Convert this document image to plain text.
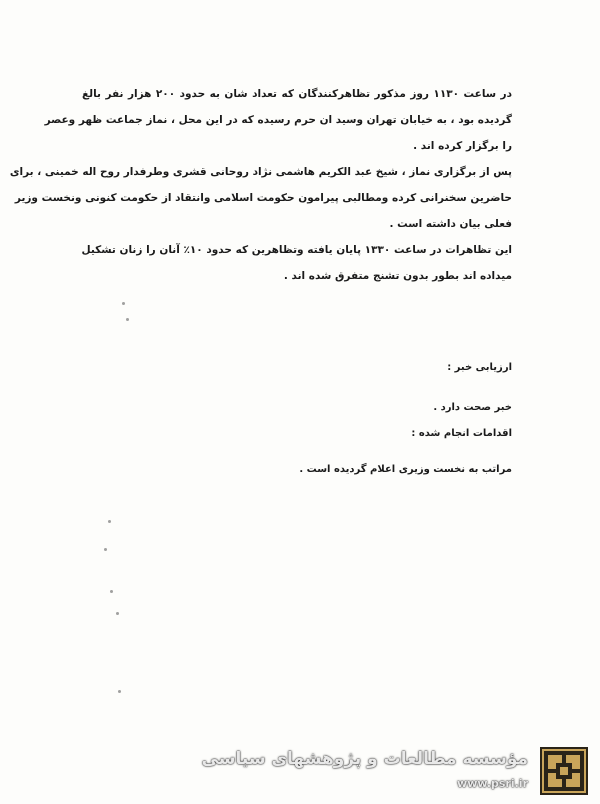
در ساعت ۱۱۳۰ روز مذکور تظاهرکنندگان که تعداد شان به حدود ۲۰۰ هزار نفر بالغ
گردیده بود ، به خیابان تهران وسید ان حرم رسیده که در این محل ، نماز جماعت ظهر وعصر
را برگزار کرده اند .
پس از برگزاری نماز ، شیخ عبد الکریم هاشمی نژاد روحانی قشری وطرفدار روح اله خمینی ، برای
حاضرین سخنرانی کرده ومطالبی پیرامون حکومت اسلامی وانتقاد از حکومت کنونی ونخست وزیر
فعلی بیان داشته است .
این تظاهرات در ساعت ۱۳۳۰ پایان یافته وتظاهرین که حدود ۱۰٪ آنان را زنان تشکیل
میداده اند بطور بدون تشنج متفرق شده اند .
ارزیابی خبر :
خبر صحت دارد .
اقدامات انجام شده :
مراتب به نخست وزیری اعلام گردیده است .
مؤسسه مطالعات و پژوهشهای سیاسی
www.psri.ir
